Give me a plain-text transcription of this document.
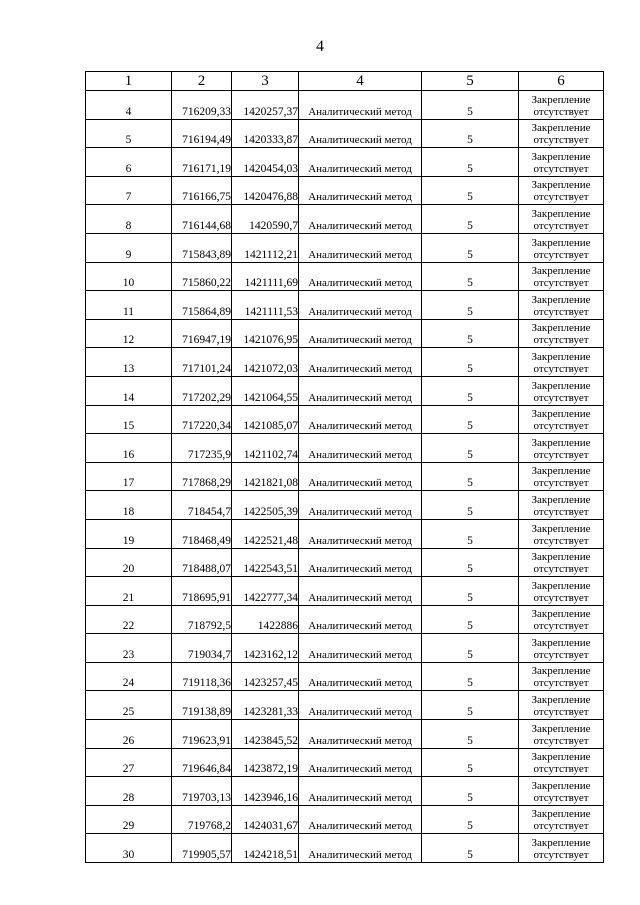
4
1	2	3	4	5	6
4	716209,33	1420257,37	Аналитический метод	5	Закрепление отсутствует
5	716194,49	1420333,87	Аналитический метод	5	Закрепление отсутствует
6	716171,19	1420454,03	Аналитический метод	5	Закрепление отсутствует
7	716166,75	1420476,88	Аналитический метод	5	Закрепление отсутствует
8	716144,68	1420590,7	Аналитический метод	5	Закрепление отсутствует
9	715843,89	1421112,21	Аналитический метод	5	Закрепление отсутствует
10	715860,22	1421111,69	Аналитический метод	5	Закрепление отсутствует
11	715864,89	1421111,53	Аналитический метод	5	Закрепление отсутствует
12	716947,19	1421076,95	Аналитический метод	5	Закрепление отсутствует
13	717101,24	1421072,03	Аналитический метод	5	Закрепление отсутствует
14	717202,29	1421064,55	Аналитический метод	5	Закрепление отсутствует
15	717220,34	1421085,07	Аналитический метод	5	Закрепление отсутствует
16	717235,9	1421102,74	Аналитический метод	5	Закрепление отсутствует
17	717868,29	1421821,08	Аналитический метод	5	Закрепление отсутствует
18	718454,7	1422505,39	Аналитический метод	5	Закрепление отсутствует
19	718468,49	1422521,48	Аналитический метод	5	Закрепление отсутствует
20	718488,07	1422543,51	Аналитический метод	5	Закрепление отсутствует
21	718695,91	1422777,34	Аналитический метод	5	Закрепление отсутствует
22	718792,5	1422886	Аналитический метод	5	Закрепление отсутствует
23	719034,7	1423162,12	Аналитический метод	5	Закрепление отсутствует
24	719118,36	1423257,45	Аналитический метод	5	Закрепление отсутствует
25	719138,89	1423281,33	Аналитический метод	5	Закрепление отсутствует
26	719623,91	1423845,52	Аналитический метод	5	Закрепление отсутствует
27	719646,84	1423872,19	Аналитический метод	5	Закрепление отсутствует
28	719703,13	1423946,16	Аналитический метод	5	Закрепление отсутствует
29	719768,2	1424031,67	Аналитический метод	5	Закрепление отсутствует
30	719905,57	1424218,51	Аналитический метод	5	Закрепление отсутствует
